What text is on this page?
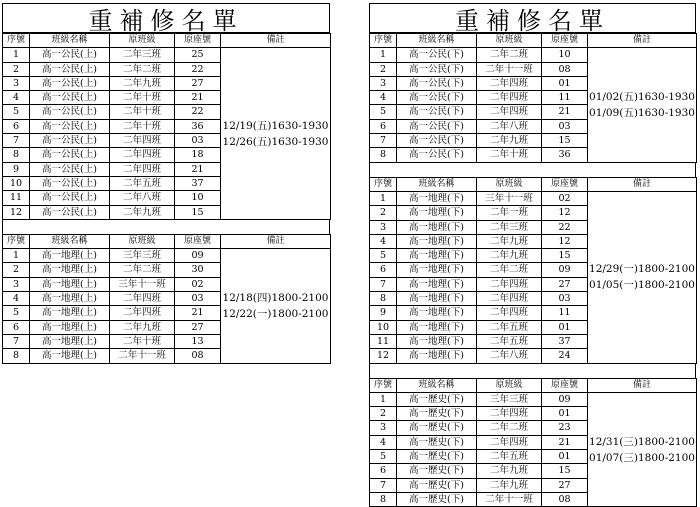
重補修名單
序號	班級名稱	原班級	原座號	備註
1	高一公民(上)	二年三班	25	12/19(五)1630-1930
12/26(五)1630-1930

2	高一公民(上)	二年二班	22	
3	高一公民(上)	二年九班	27	
4	高一公民(上)	二年十班	21	
5	高一公民(上)	二年十班	22	
6	高一公民(上)	二年十班	36	
7	高一公民(上)	二年四班	03	
8	高一公民(上)	二年四班	18	
9	高一公民(上)	二年四班	21	
10	高一公民(上)	二年五班	37	
11	高一公民(上)	二年八班	10	
12	高一公民(上)	二年九班	15	
序號	班級名稱	原班級	原座號	備註
1	高一地理(上)	三年三班	09	12/18(四)1800-2100
12/22(一)1800-2100

2	高一地理(上)	二年二班	30	
3	高一地理(上)	三年十一班	02	
4	高一地理(上)	二年四班	03	
5	高一地理(上)	二年四班	21	
6	高一地理(上)	二年九班	27	
7	高一地理(上)	二年十班	13	
8	高一地理(上)	二年十一班	08	
重補修名單
序號	班級名稱	原班級	原座號	備註
1	高一公民(下)	二年二班	10	01/02(五)1630-1930
01/09(五)1630-1930

2	高一公民(下)	二年十一班	08	
3	高一公民(下)	二年四班	01	
4	高一公民(下)	二年四班	11	
5	高一公民(下)	二年四班	21	
6	高一公民(下)	二年八班	03	
7	高一公民(下)	二年九班	15	
8	高一公民(下)	二年十班	36	
序號	班級名稱	原班級	原座號	備註
1	高一地理(下)	三年十一班	02	12/29(一)1800-2100
01/05(一)1800-2100

2	高一地理(下)	二年一班	12	
3	高一地理(下)	二年三班	22	
4	高一地理(下)	二年九班	12	
5	高一地理(下)	二年九班	15	
6	高一地理(下)	二年二班	09	
7	高一地理(下)	二年四班	27	
8	高一地理(下)	二年四班	03	
9	高一地理(下)	二年四班	11	
10	高一地理(下)	二年五班	01	
11	高一地理(下)	二年五班	37	
12	高一地理(下)	二年八班	24	
序號	班級名稱	原班級	原座號	備註
1	高一歷史(下)	三年三班	09	12/31(三)1800-2100
01/07(三)1800-2100

2	高一歷史(下)	二年四班	01	
3	高一歷史(下)	二年二班	23	
4	高一歷史(下)	二年四班	21	
5	高一歷史(下)	二年五班	01	
6	高一歷史(下)	二年九班	15	
7	高一歷史(下)	二年九班	27	
8	高一歷史(下)	二年十一班	08	
